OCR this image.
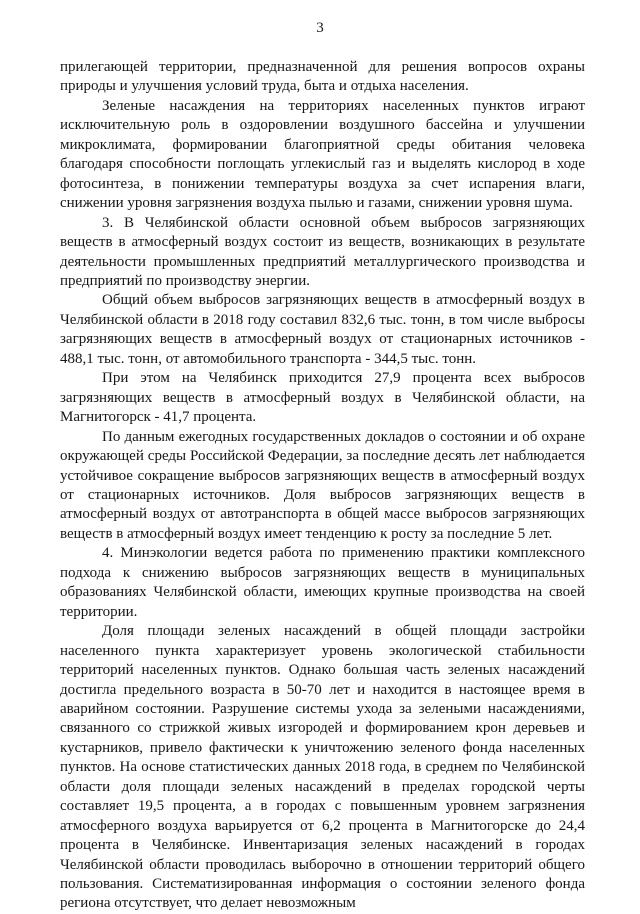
3

прилегающей территории, предназначенной для решения вопросов охраны природы и улучшения условий труда, быта и отдыха населения.

Зеленые насаждения на территориях населенных пунктов играют исключительную роль в оздоровлении воздушного бассейна и улучшении микроклимата, формировании благоприятной среды обитания человека благодаря способности поглощать углекислый газ и выделять кислород в ходе фотосинтеза, в понижении температуры воздуха за счет испарения влаги, снижении уровня загрязнения воздуха пылью и газами, снижении уровня шума.

3. В Челябинской области основной объем выбросов загрязняющих веществ в атмосферный воздух состоит из веществ, возникающих в результате деятельности промышленных предприятий металлургического производства и предприятий по производству энергии.

Общий объем выбросов загрязняющих веществ в атмосферный воздух в Челябинской области в 2018 году составил 832,6 тыс. тонн, в том числе выбросы загрязняющих веществ в атмосферный воздух от стационарных источников - 488,1 тыс. тонн, от автомобильного транспорта - 344,5 тыс. тонн.

При этом на Челябинск приходится 27,9 процента всех выбросов загрязняющих веществ в атмосферный воздух в Челябинской области, на Магнитогорск - 41,7 процента.

По данным ежегодных государственных докладов о состоянии и об охране окружающей среды Российской Федерации, за последние десять лет наблюдается устойчивое сокращение выбросов загрязняющих веществ в атмосферный воздух от стационарных источников. Доля выбросов загрязняющих веществ в атмосферный воздух от автотранспорта в общей массе выбросов загрязняющих веществ в атмосферный воздух имеет тенденцию к росту за последние 5 лет.

4. Минэкологии ведется работа по применению практики комплексного подхода к снижению выбросов загрязняющих веществ в муниципальных образованиях Челябинской области, имеющих крупные производства на своей территории.

Доля площади зеленых насаждений в общей площади застройки населенного пункта характеризует уровень экологической стабильности территорий населенных пунктов. Однако большая часть зеленых насаждений достигла предельного возраста в 50-70 лет и находится в настоящее время в аварийном состоянии. Разрушение системы ухода за зелеными насаждениями, связанного со стрижкой живых изгородей и формированием крон деревьев и кустарников, привело фактически к уничтожению зеленого фонда населенных пунктов. На основе статистических данных 2018 года, в среднем по Челябинской области доля площади зеленых насаждений в пределах городской черты составляет 19,5 процента, а в городах с повышенным уровнем загрязнения атмосферного воздуха варьируется от 6,2 процента в Магнитогорске до 24,4 процента в Челябинске. Инвентаризация зеленых насаждений в городах Челябинской области проводилась выборочно в отношении территорий общего пользования. Систематизированная информация о состоянии зеленого фонда региона отсутствует, что делает невозможным
